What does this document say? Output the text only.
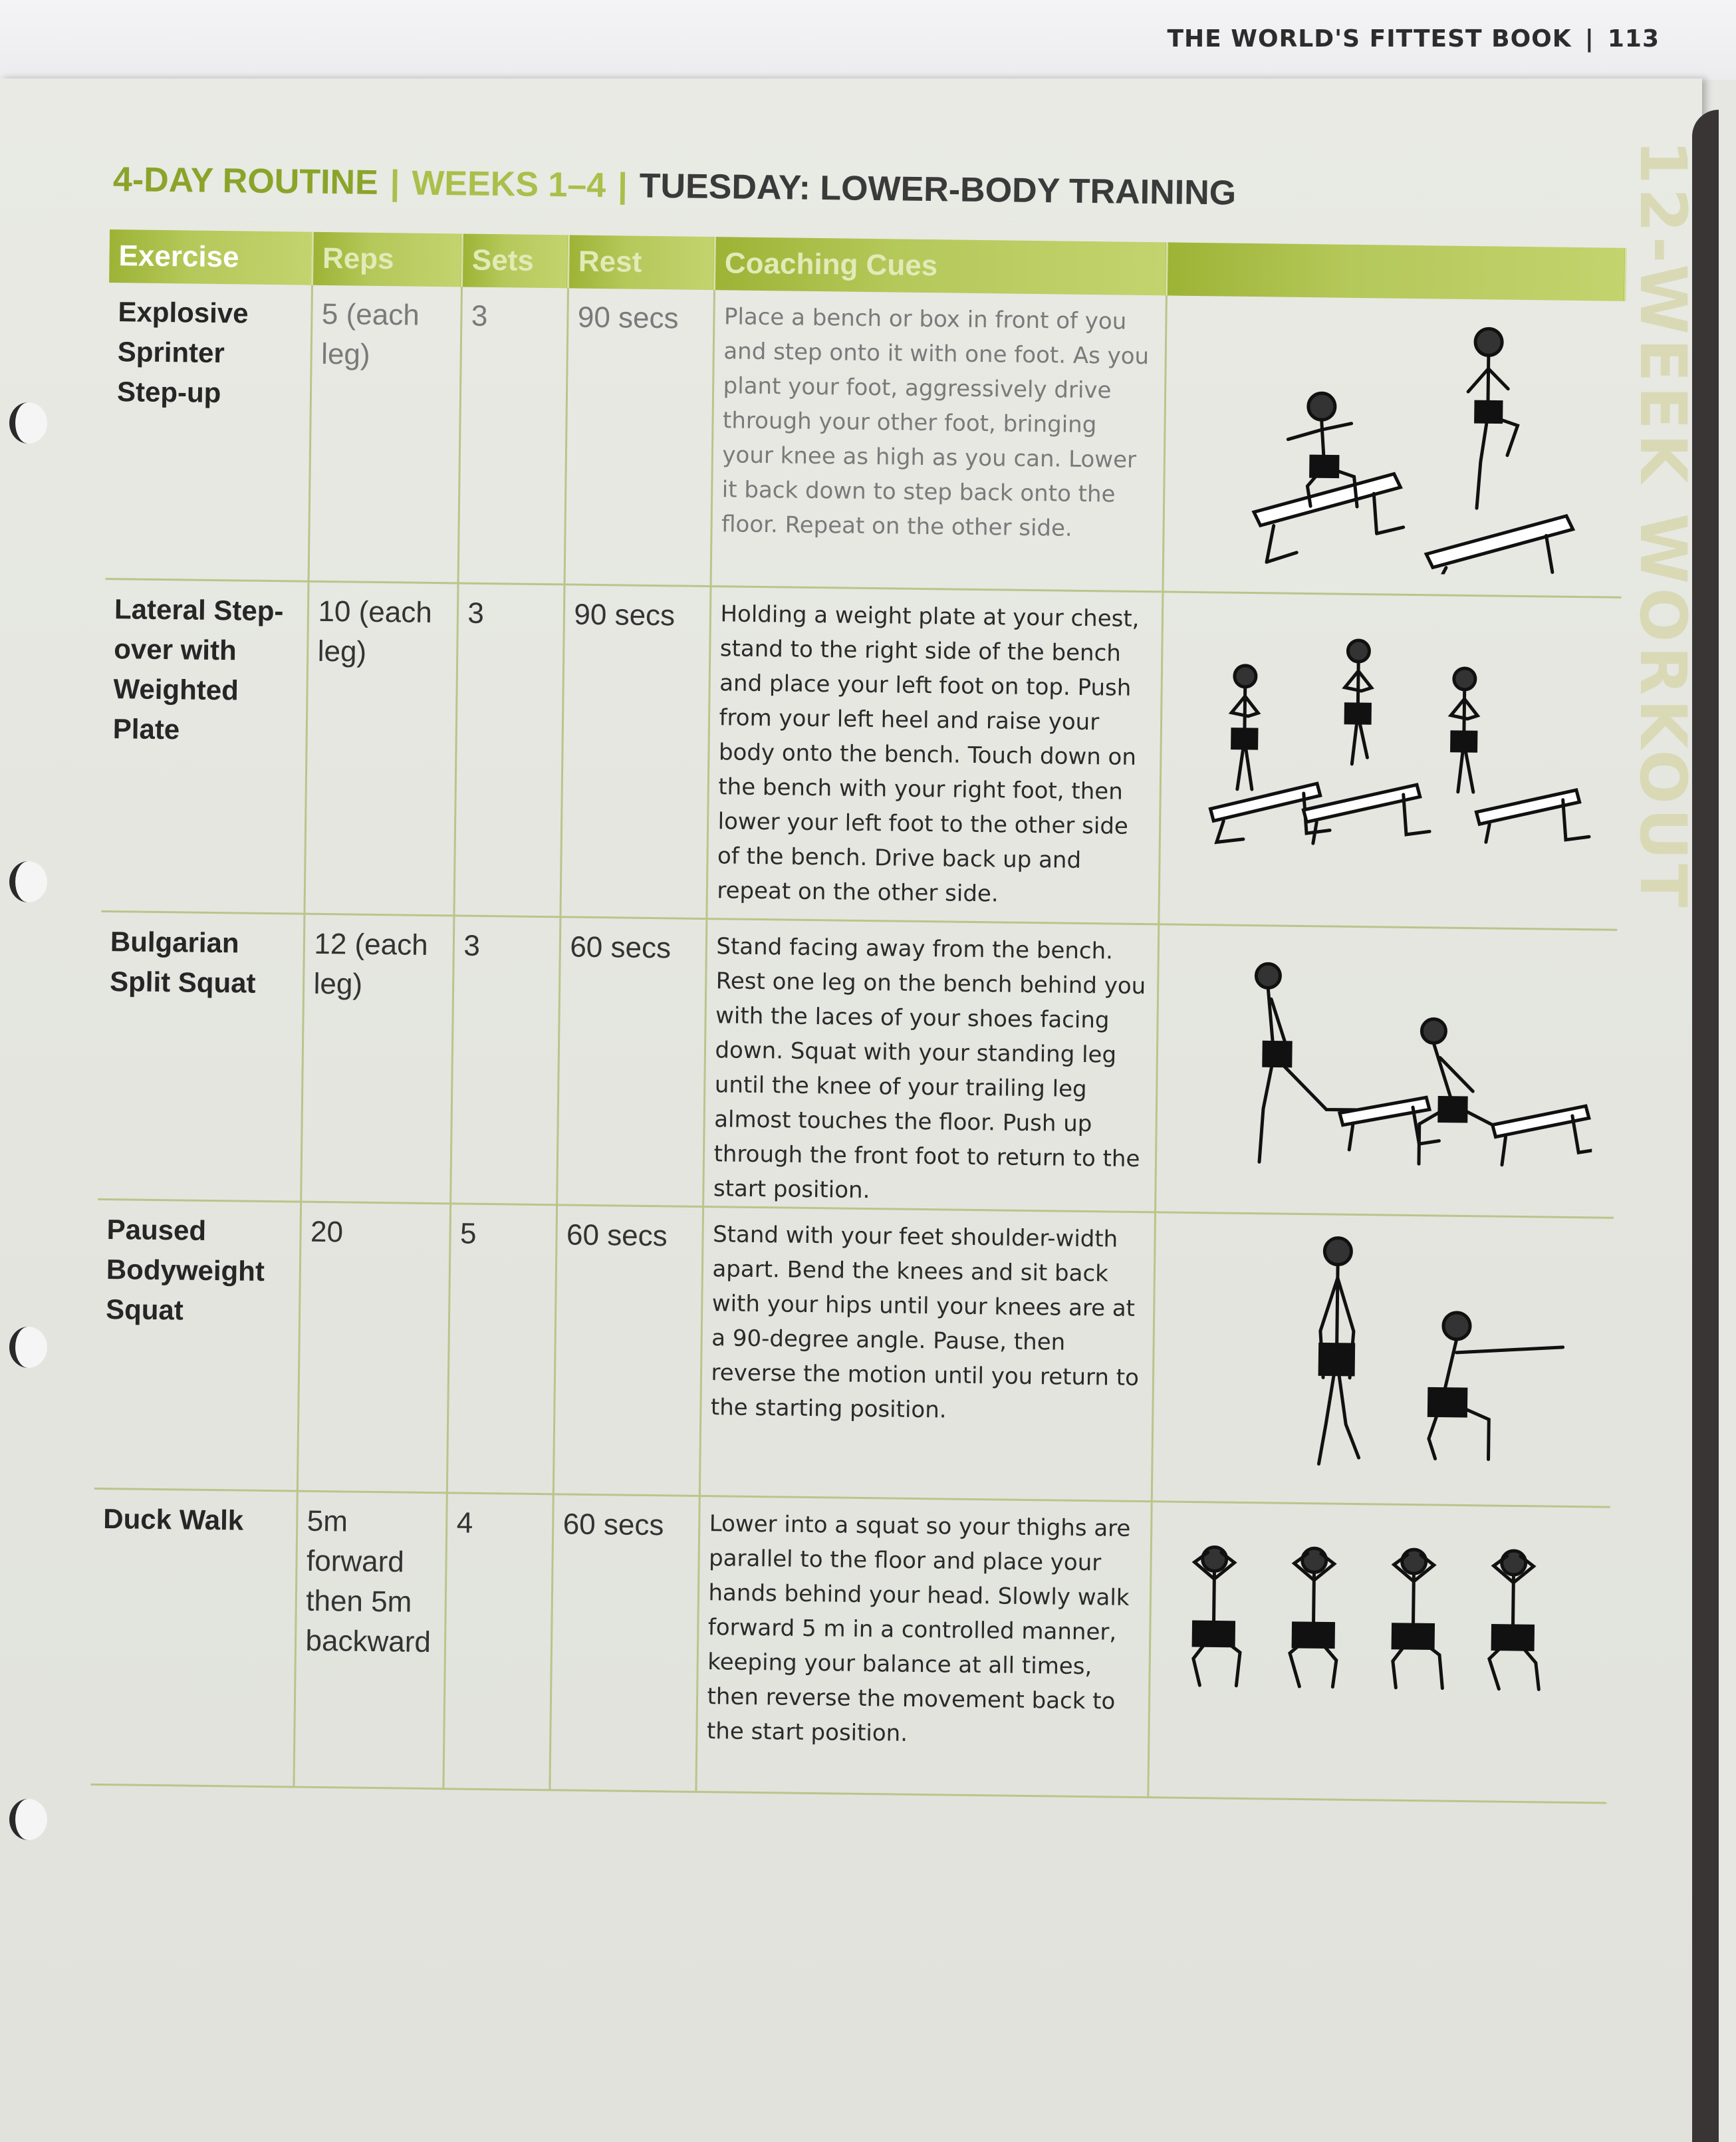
THE WORLD'S FITTEST BOOK | 113
12-WEEK WORKOUT
4-DAY ROUTINE | WEEKS 1–4 | TUESDAY: LOWER-BODY TRAINING
Exercise	Reps	Sets	Rest	Coaching Cues	
Explosive Sprinter Step-up	5 (each leg)	3	90 secs	Place a bench or box in front of you and step onto it with one foot. As you plant your foot, aggressively drive through your other foot, bringing your knee as high as you can. Lower it back down to step back onto the floor. Repeat on the other side.	

Lateral Step-over with Weighted Plate	10 (each leg)	3	90 secs	Holding a weight plate at your chest, stand to the right side of the bench and place your left foot on top. Push from your left heel and raise your body onto the bench. Touch down on the bench with your right foot, then lower your left foot to the other side of the bench. Drive back up and repeat on the other side.	

Bulgarian Split Squat	12 (each leg)	3	60 secs	Stand facing away from the bench. Rest one leg on the bench behind you with the laces of your shoes facing down. Squat with your standing leg until the knee of your trailing leg almost touches the floor. Push up through the front foot to return to the start position.	

Paused Bodyweight Squat	20	5	60 secs	Stand with your feet shoulder-width apart. Bend the knees and sit back with your hips until your knees are at a 90-degree angle. Pause, then reverse the motion until you return to the starting position.	

Duck Walk	5m forward then 5m backward	4	60 secs	Lower into a squat so your thighs are parallel to the floor and place your hands behind your head. Slowly walk forward 5 m in a controlled manner, keeping your balance at all times, then reverse the movement back to the start position.	
